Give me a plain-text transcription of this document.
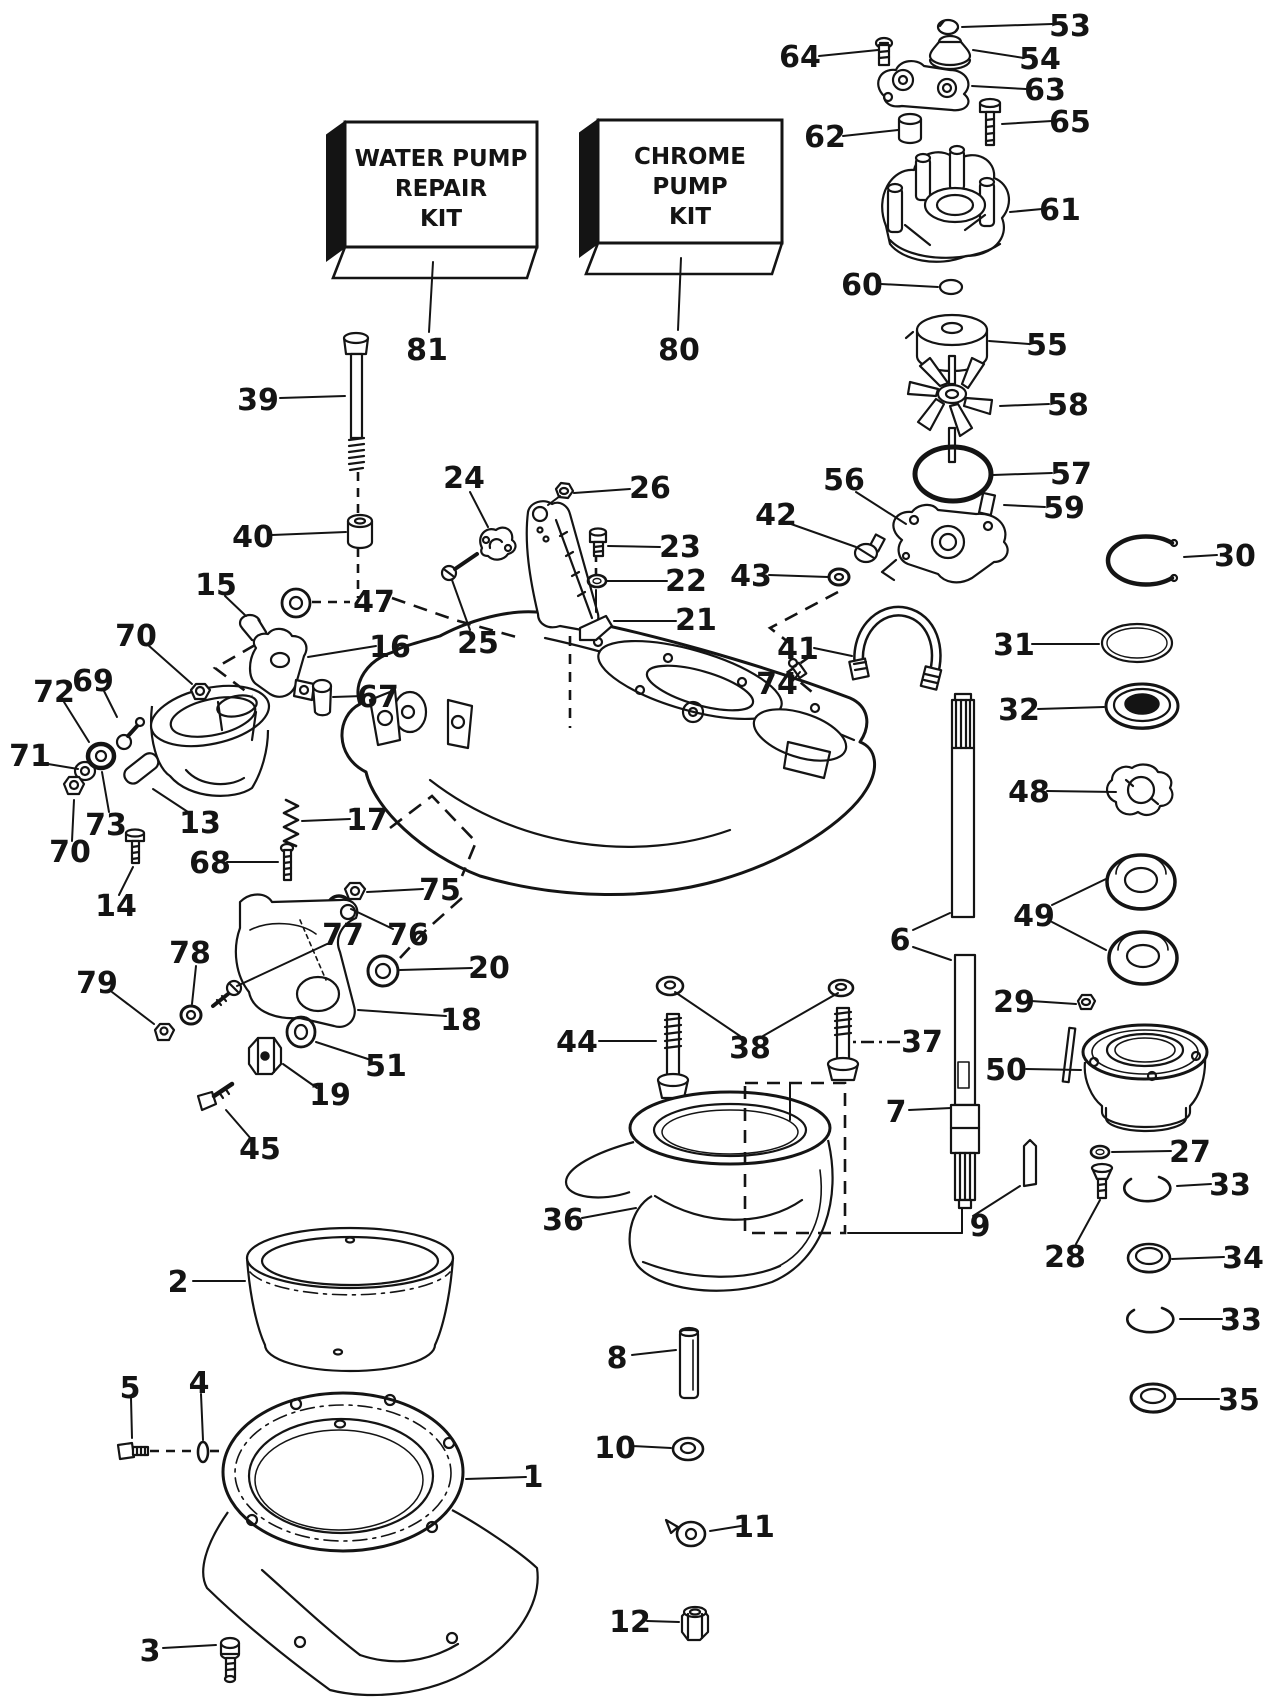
WATER PUMP
REPAIR
KIT
CHROME
PUMP
KIT
53
64	54
63
62	65
61
60
55
58
57
59
56
42
43
41
74
30
31
32
48
49
29
50
27
33
28	34
33
35
6
37
7
9
38
44
36
8
10
11
12
39
40
81	80
24	26
23
22
21
25
47
15
16
67
70
69
72
71
73
70
13	17
68
14	75
76
77
78
79	20
18
51
19
45
2
5 4
1
3
